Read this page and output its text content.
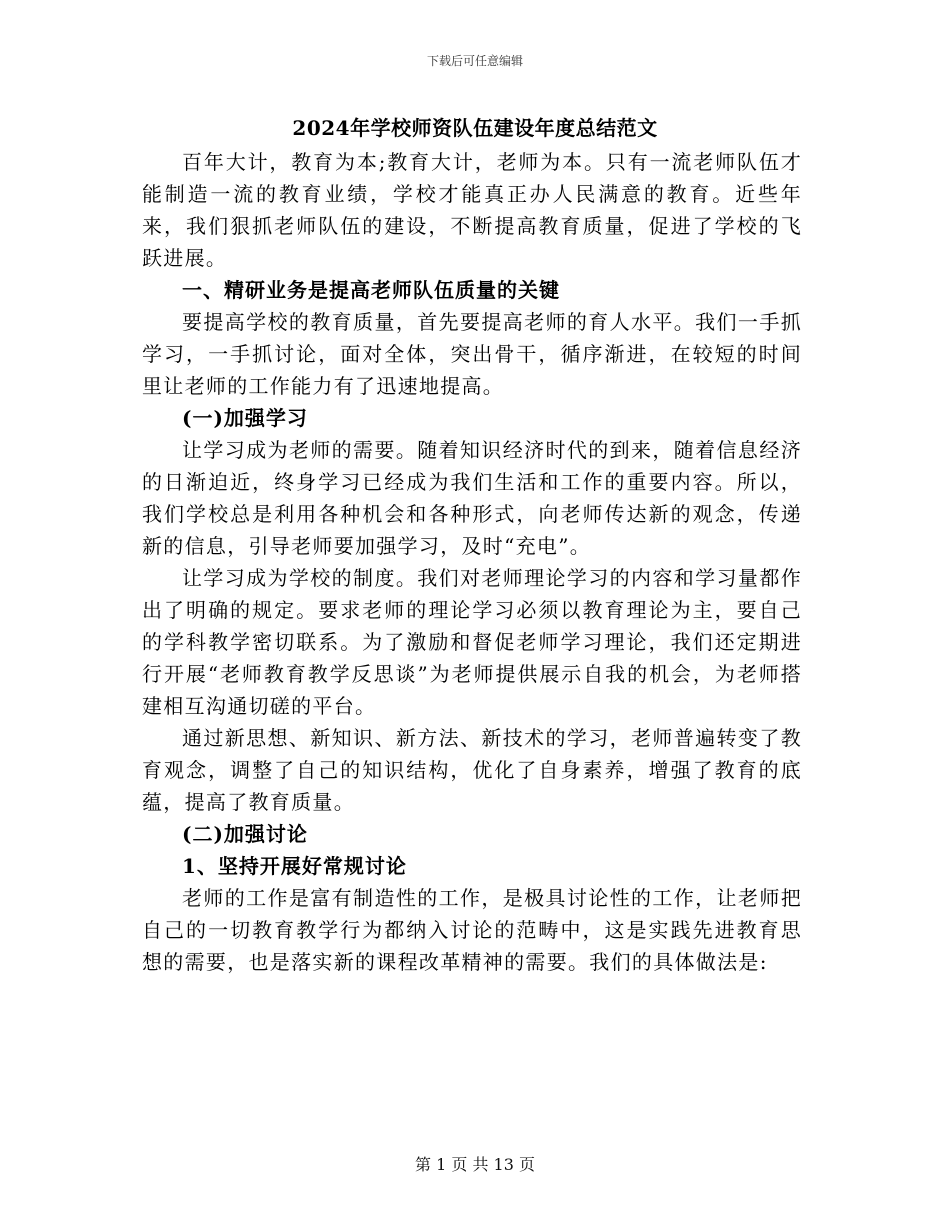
下载后可任意编辑
2024年学校师资队伍建设年度总结范文

百年大计，教育为本;教育大计，老师为本。只有一流老师队伍才能制造一流的教育业绩，学校才能真正办人民满意的教育。近些年来，我们狠抓老师队伍的建设，不断提高教育质量，促进了学校的飞跃进展。

一、精研业务是提高老师队伍质量的关键

要提高学校的教育质量，首先要提高老师的育人水平。我们一手抓学习，一手抓讨论，面对全体，突出骨干，循序渐进，在较短的时间里让老师的工作能力有了迅速地提高。

(一)加强学习

让学习成为老师的需要。随着知识经济时代的到来，随着信息经济的日渐迫近，终身学习已经成为我们生活和工作的重要内容。所以，我们学校总是利用各种机会和各种形式，向老师传达新的观念，传递新的信息，引导老师要加强学习，及时“充电”。

让学习成为学校的制度。我们对老师理论学习的内容和学习量都作出了明确的规定。要求老师的理论学习必须以教育理论为主，要自己的学科教学密切联系。为了激励和督促老师学习理论，我们还定期进行开展“老师教育教学反思谈”为老师提供展示自我的机会，为老师搭建相互沟通切磋的平台。

通过新思想、新知识、新方法、新技术的学习，老师普遍转变了教育观念，调整了自己的知识结构，优化了自身素养，增强了教育的底蕴，提高了教育质量。

(二)加强讨论
1、坚持开展好常规讨论

老师的工作是富有制造性的工作，是极具讨论性的工作，让老师把自己的一切教育教学行为都纳入讨论的范畴中，这是实践先进教育思想的需要，也是落实新的课程改革精神的需要。我们的具体做法是:

第 1 页 共 13 页
